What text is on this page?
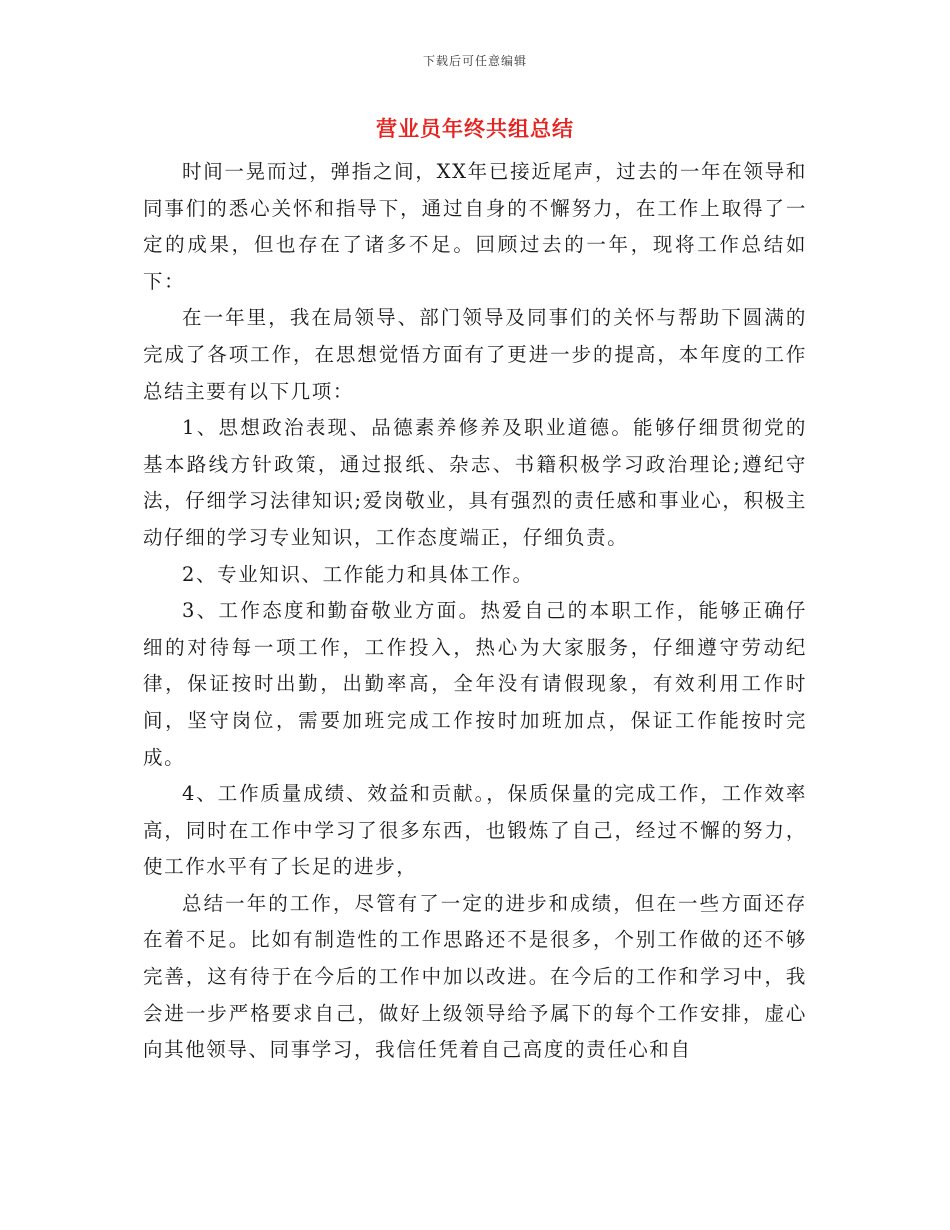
下载后可任意编辑
营业员年终共组总结

时间一晃而过，弹指之间，XX年已接近尾声，过去的一年在领导和同事们的悉心关怀和指导下，通过自身的不懈努力，在工作上取得了一定的成果，但也存在了诸多不足。回顾过去的一年，现将工作总结如下：

在一年里，我在局领导、部门领导及同事们的关怀与帮助下圆满的完成了各项工作，在思想觉悟方面有了更进一步的提高，本年度的工作总结主要有以下几项：

1、思想政治表现、品德素养修养及职业道德。能够仔细贯彻党的基本路线方针政策，通过报纸、杂志、书籍积极学习政治理论;遵纪守法，仔细学习法律知识;爱岗敬业，具有强烈的责任感和事业心，积极主动仔细的学习专业知识，工作态度端正，仔细负责。

2、专业知识、工作能力和具体工作。

3、工作态度和勤奋敬业方面。热爱自己的本职工作，能够正确仔细的对待每一项工作，工作投入，热心为大家服务，仔细遵守劳动纪律，保证按时出勤，出勤率高，全年没有请假现象，有效利用工作时间，坚守岗位，需要加班完成工作按时加班加点，保证工作能按时完成。

4、工作质量成绩、效益和贡献。，保质保量的完成工作，工作效率高，同时在工作中学习了很多东西，也锻炼了自己，经过不懈的努力，使工作水平有了长足的进步，

总结一年的工作，尽管有了一定的进步和成绩，但在一些方面还存在着不足。比如有制造性的工作思路还不是很多，个别工作做的还不够完善，这有待于在今后的工作中加以改进。在今后的工作和学习中，我会进一步严格要求自己，做好上级领导给予属下的每个工作安排，虚心向其他领导、同事学习，我信任凭着自己高度的责任心和自
